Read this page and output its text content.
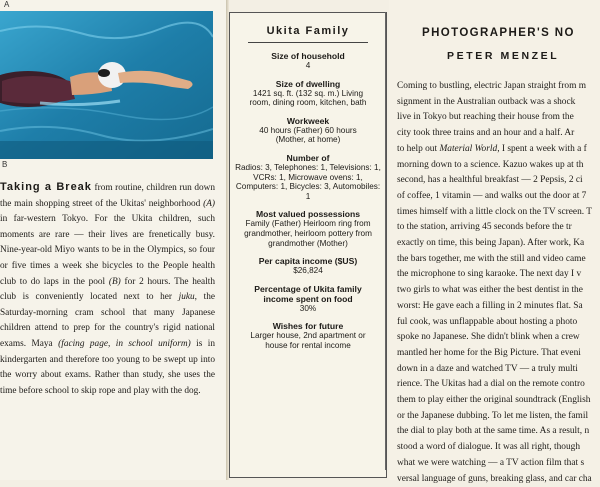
A
B
Taking a Break from routine, children run down the main shopping street of the Ukitas' neighborhood (A) in far-western Tokyo. For the Ukita children, such moments are rare — their lives are frenetically busy. Nine-year-old Miyo wants to be in the Olympics, so four or five times a week she bicycles to the People health club to do laps in the pool (B) for 2 hours. The health club is conveniently located next to her juku, the Saturday-morning cram school that many Japanese children attend to prep for the country's rigid national exams. Maya (facing page, in school uniform) is in kindergarten and therefore too young to be swept up into the worry about exams. Rather than study, she uses the time before school to skip rope and play with the dog.
Ukita Family
Size of household
4
Size of dwelling
1421 sq. ft. (132 sq. m.) Living room, dining room, kitchen, bath
Workweek
40 hours (Father) 60 hours (Mother, at home)
Number of
Radios: 3, Telephones: 1, Televisions: 1, VCRs: 1, Microwave ovens: 1, Computers: 1, Bicycles: 3, Automobiles: 1
Most valued possessions
Family (Father) Heirloom ring from grandmother, heirloom pottery from grandmother (Mother)
Per capita income ($US)
$26,824
Percentage of Ukita family income spent on food
30%
Wishes for future
Larger house, 2nd apartment or house for rental income
PHOTOGRAPHER'S NO
PETER MENZEL
Coming to bustling, electric Japan straight from m
signment in the Australian outback was a shock
live in Tokyo but reaching their house from the
city took three trains and an hour and a half. Ar
to help out Material World, I spent a week with a f
morning down to a science. Kazuo wakes up at th
second, has a healthful breakfast — 2 Pepsis, 2 ci
of coffee, 1 vitamin — and walks out the door at 7
times himself with a little clock on the TV screen. T
to the station, arriving 45 seconds before the tr
exactly on time, this being Japan). After work, Ka
the bars together, me with the still and video came
the microphone to sing karaoke. The next day I v
two girls to what was either the best dentist in the
worst: He gave each a filling in 2 minutes flat. Sa
ful cook, was unflappable about hosting a photo
spoke no Japanese. She didn't blink when a crew
mantled her home for the Big Picture. That eveni
down in a daze and watched TV — a truly multi
rience. The Ukitas had a dial on the remote contro
them to play either the original soundtrack (English
or the Japanese dubbing. To let me listen, the famil
the dial to play both at the same time. As a result, n
stood a word of dialogue. It was all right, though
what we were watching — a TV action film that s
versal language of guns, breaking glass, and car cha
